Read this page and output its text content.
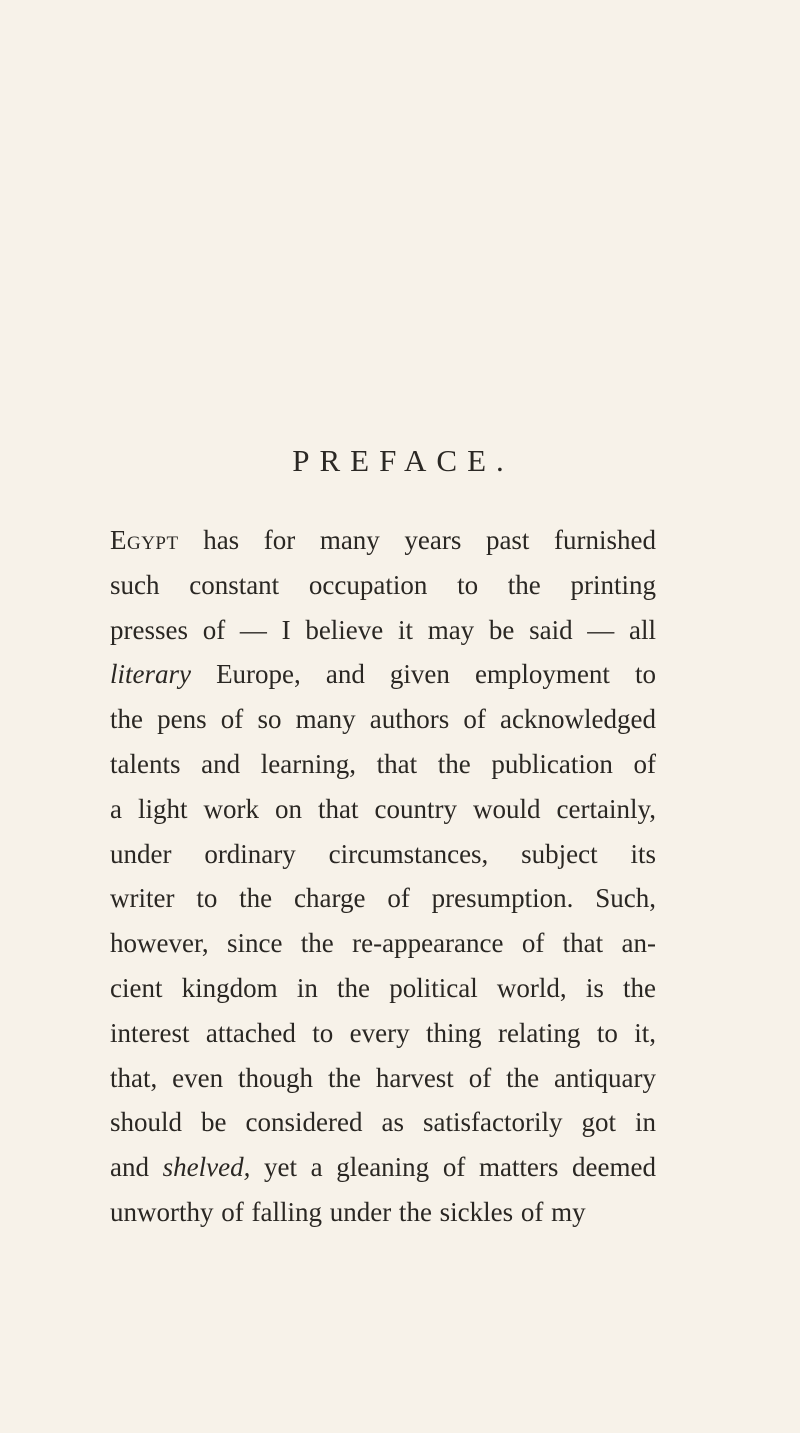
PREFACE.
Egypt has for many years past furnished
such constant occupation to the printing
presses of — I believe it may be said — all
literary Europe, and given employment to
the pens of so many authors of acknowledged
talents and learning, that the publication of
a light work on that country would certainly,
under ordinary circumstances, subject its
writer to the charge of presumption. Such,
however, since the re-appearance of that an-
cient kingdom in the political world, is the
interest attached to every thing relating to it,
that, even though the harvest of the antiquary
should be considered as satisfactorily got in
and shelved, yet a gleaning of matters deemed
unworthy of falling under the sickles of my
